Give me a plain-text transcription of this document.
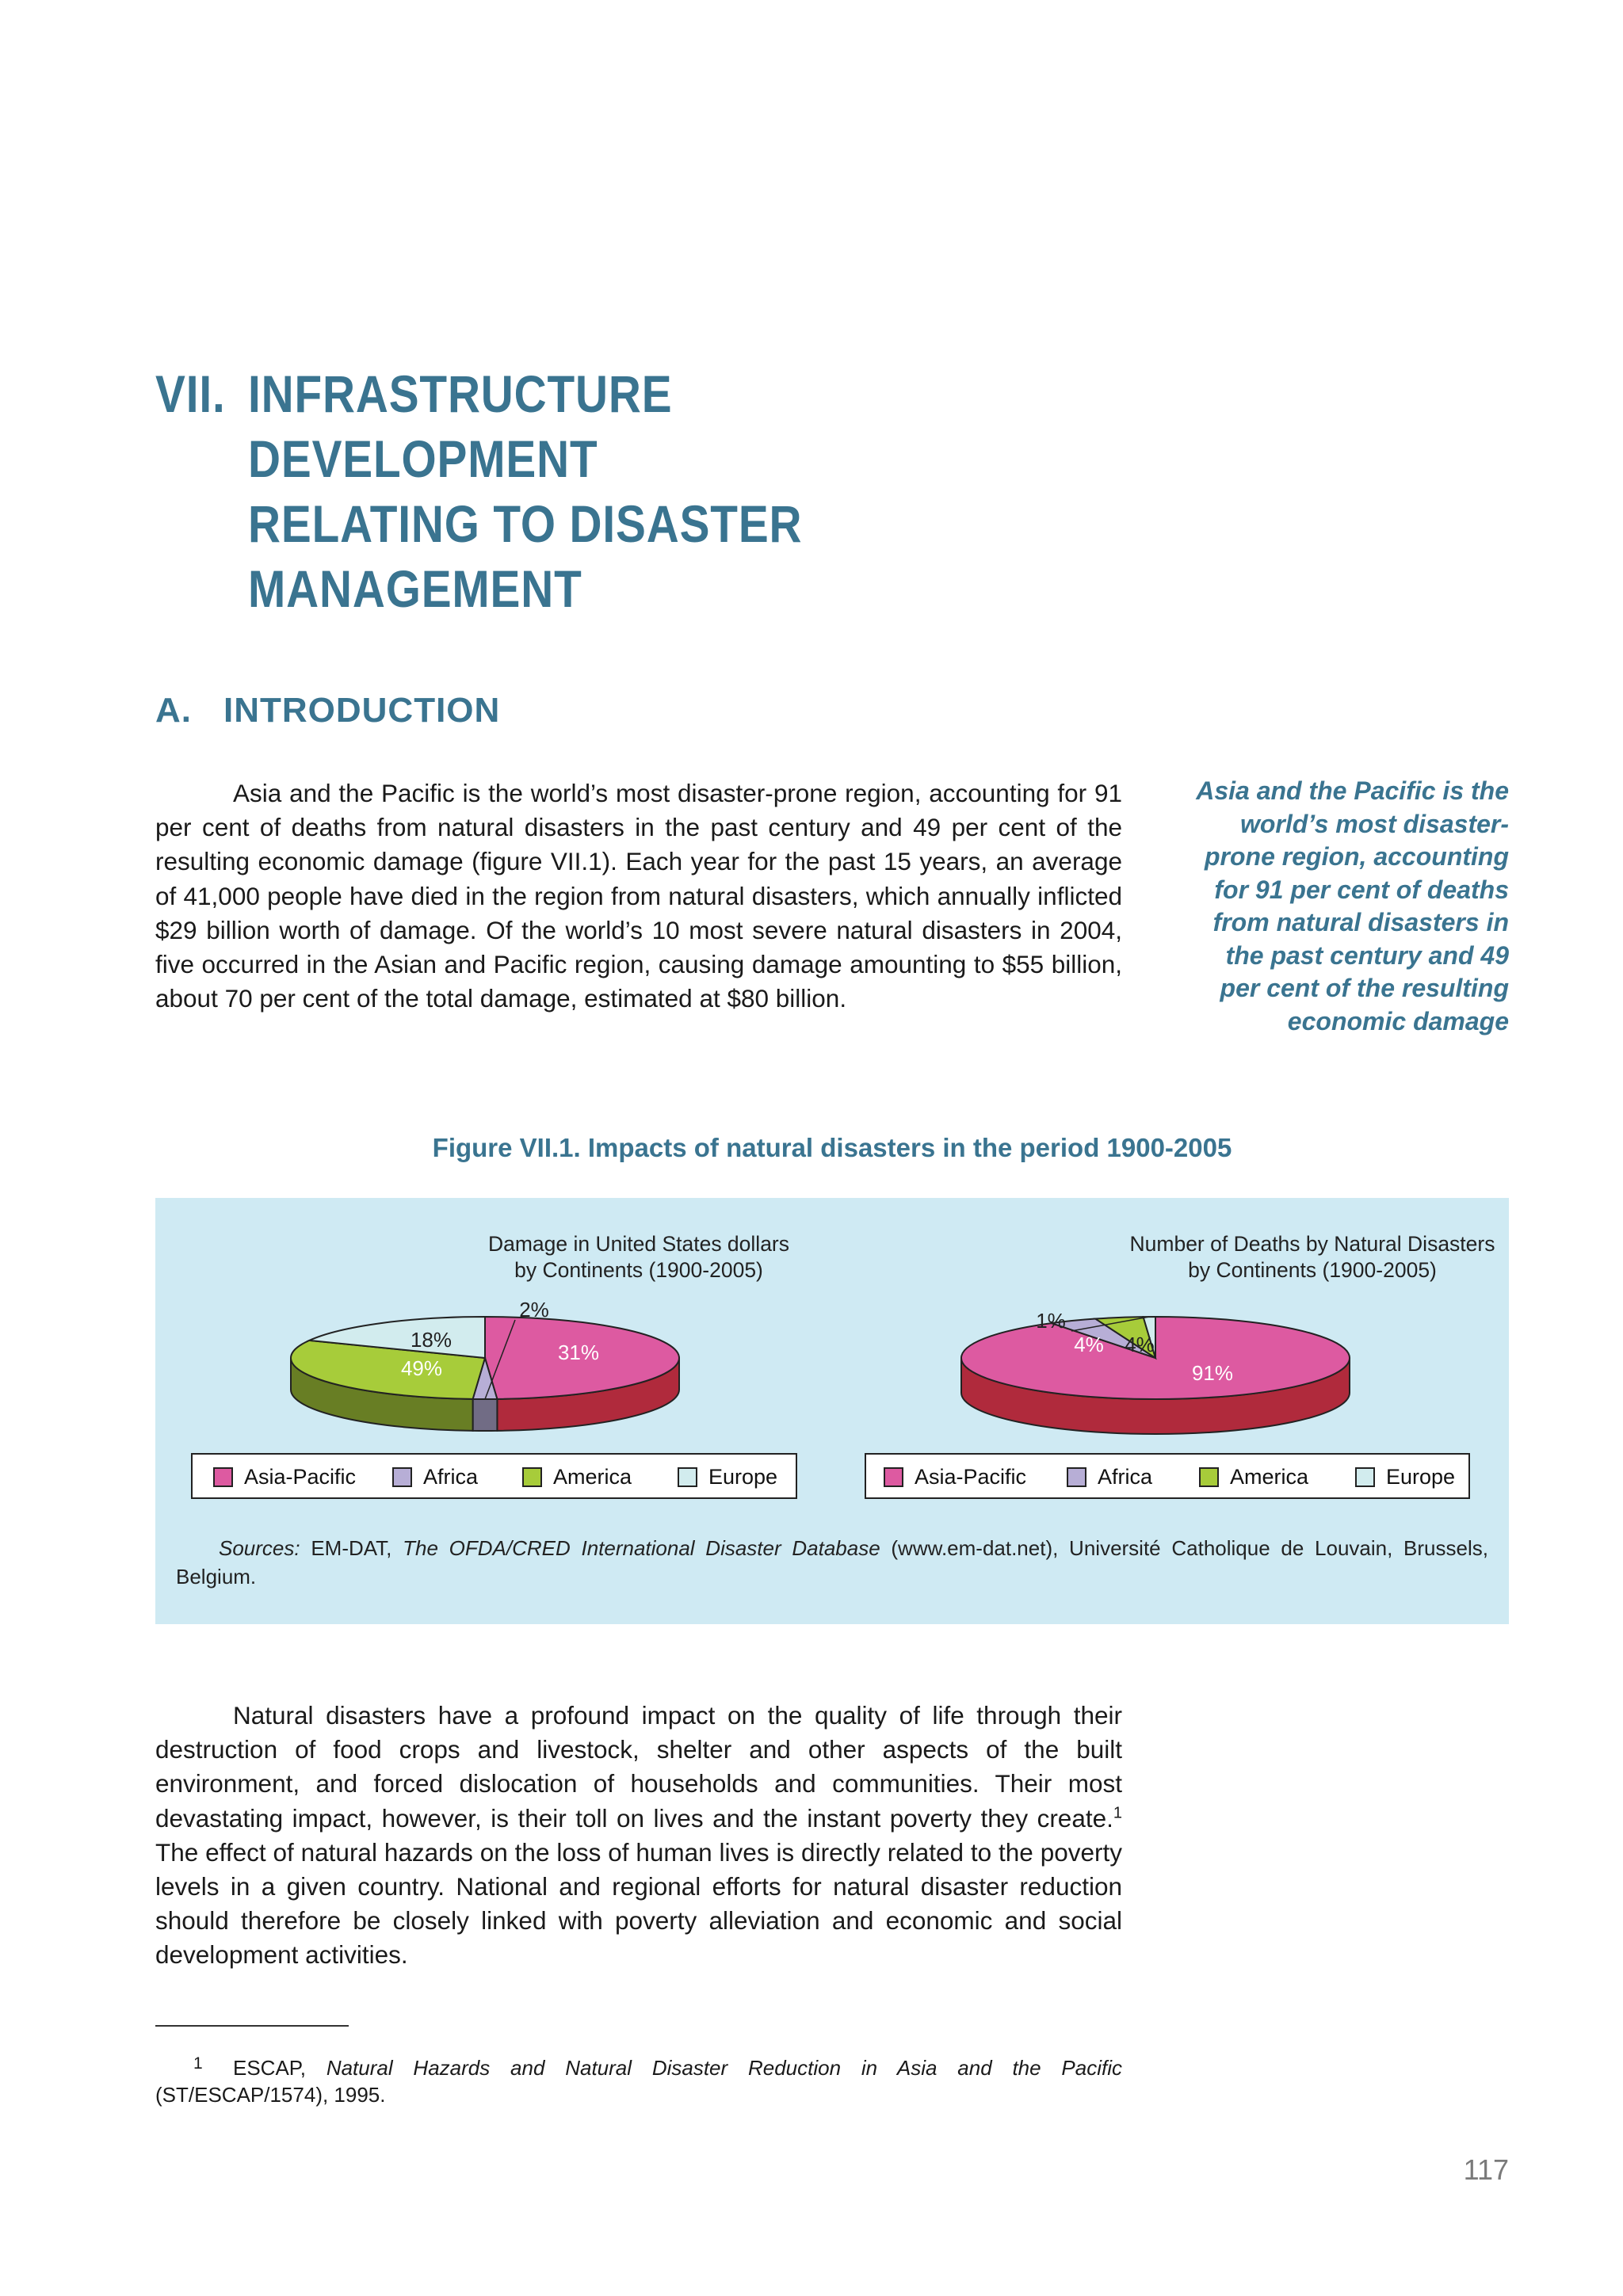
VII. INFRASTRUCTURE DEVELOPMENT
RELATING TO DISASTER
MANAGEMENT
A. INTRODUCTION

Asia and the Pacific is the world’s most disaster-prone region, accounting for 91 per cent of deaths from natural disasters in the past century and 49 per cent of the resulting economic damage (figure VII.1). Each year for the past 15 years, an average of 41,000 people have died in the region from natural disasters, which annually inflicted $29 billion worth of damage. Of the world’s 10 most severe natural disasters in 2004, five occurred in the Asian and Pacific region, causing damage amounting to $55 billion, about 70 per cent of the total damage, estimated at $80 billion.

Asia and the Pacific is the world’s most disaster-prone region, accounting for 91 per cent of deaths from natural disasters in the past century and 49 per cent of the resulting economic damage

Figure VII.1. Impacts of natural disasters in the period 1900-2005

Damage in United States dollars
by Continents (1900-2005)
Number of Deaths by Natural Disasters
by Continents (1900-2005)
49%
2%
31%
18%
91%
4% 4%
1%
Asia-Pacific	Africa	America	Europe	Asia-Pacific	Africa	America	Europe

Sources: EM-DAT, The OFDA/CRED International Disaster Database (www.em-dat.net), Université Catholique de Louvain, Brussels, Belgium.

Natural disasters have a profound impact on the quality of life through their destruction of food crops and livestock, shelter and other aspects of the built environment, and forced dislocation of households and communities. Their most devastating impact, however, is their toll on lives and the instant poverty they create.$^1$ The effect of natural hazards on the loss of human lives is directly related to the poverty levels in a given country. National and regional efforts for natural disaster reduction should therefore be closely linked with poverty alleviation and economic and social development activities.

1 ESCAP, Natural Hazards and Natural Disaster Reduction in Asia and the Pacific (ST/ESCAP/1574), 1995.

117
